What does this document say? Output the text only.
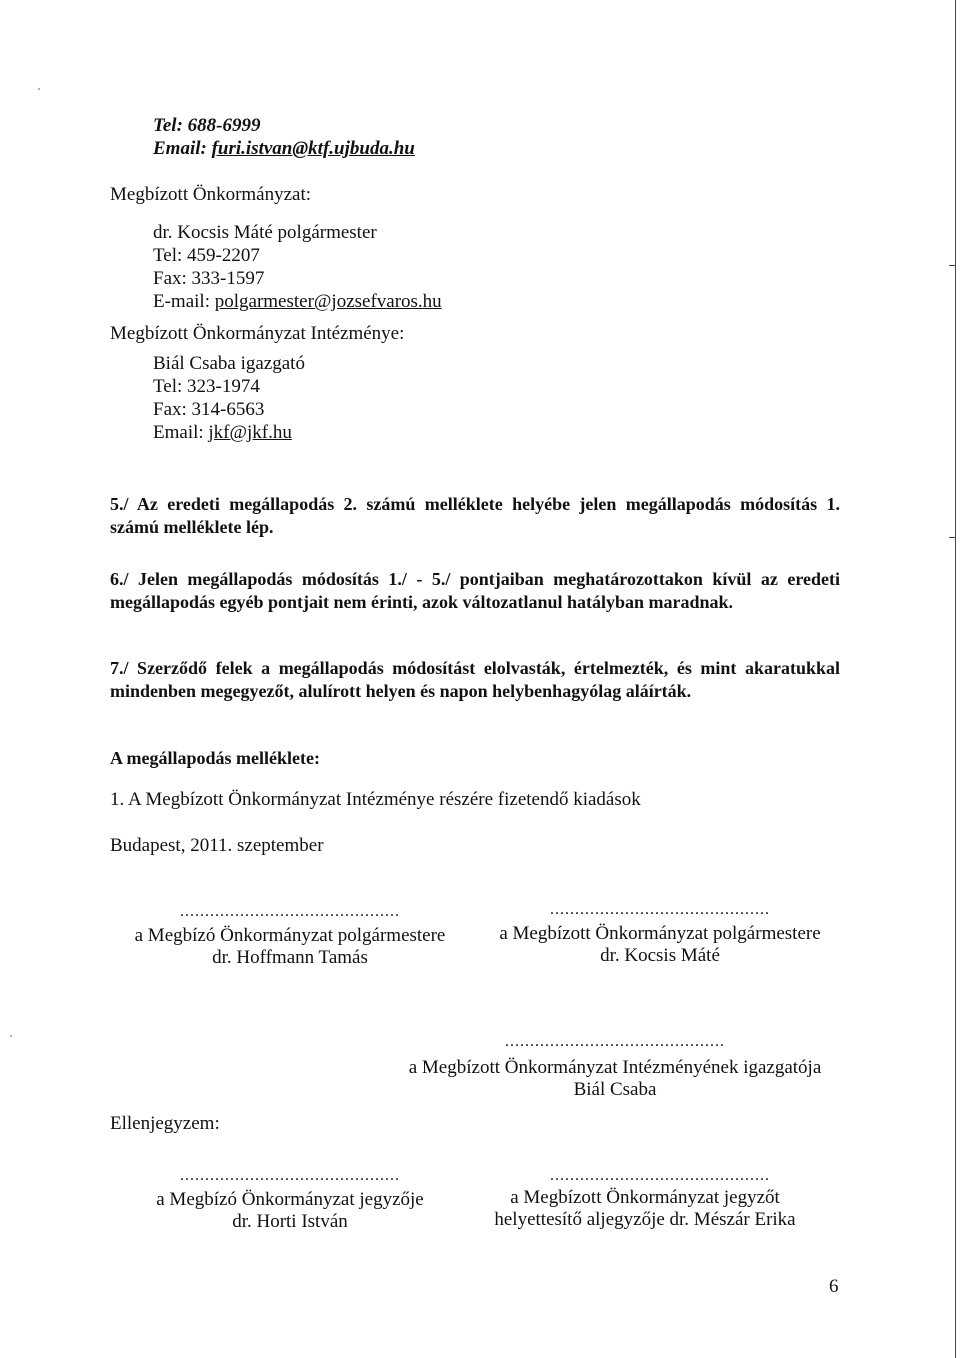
Tel: 688-6999
Email: furi.istvan@ktf.ujbuda.hu
Megbízott Önkormányzat:
dr. Kocsis Máté polgármester
Tel: 459-2207
Fax: 333-1597
E-mail: polgarmester@jozsefvaros.hu
Megbízott Önkormányzat Intézménye:
Biál Csaba igazgató
Tel: 323-1974
Fax: 314-6563
Email: jkf@jkf.hu
5./ Az eredeti megállapodás 2. számú melléklete helyébe jelen megállapodás módosítás 1. számú melléklete lép.
6./ Jelen megállapodás módosítás 1./ - 5./ pontjaiban meghatározottakon kívül az eredeti megállapodás egyéb pontjait nem érinti, azok változatlanul hatályban maradnak.
7./ Szerződő felek a megállapodás módosítást elolvasták, értelmezték, és mint akaratukkal mindenben megegyezőt, alulírott helyen és napon helybenhagyólag aláírták.
A megállapodás melléklete:
1. A Megbízott Önkormányzat Intézménye részére fizetendő kiadások
Budapest, 2011. szeptember
............................................
a Megbízó Önkormányzat polgármestere
dr. Hoffmann Tamás
............................................
a Megbízott Önkormányzat polgármestere
dr. Kocsis Máté
............................................
a Megbízott Önkormányzat Intézményének igazgatója
Biál Csaba
Ellenjegyzem:
............................................
a Megbízó Önkormányzat jegyzője
dr. Horti István
............................................
a Megbízott Önkormányzat jegyzőt
helyettesítő aljegyzője dr. Mészár Erika
6
